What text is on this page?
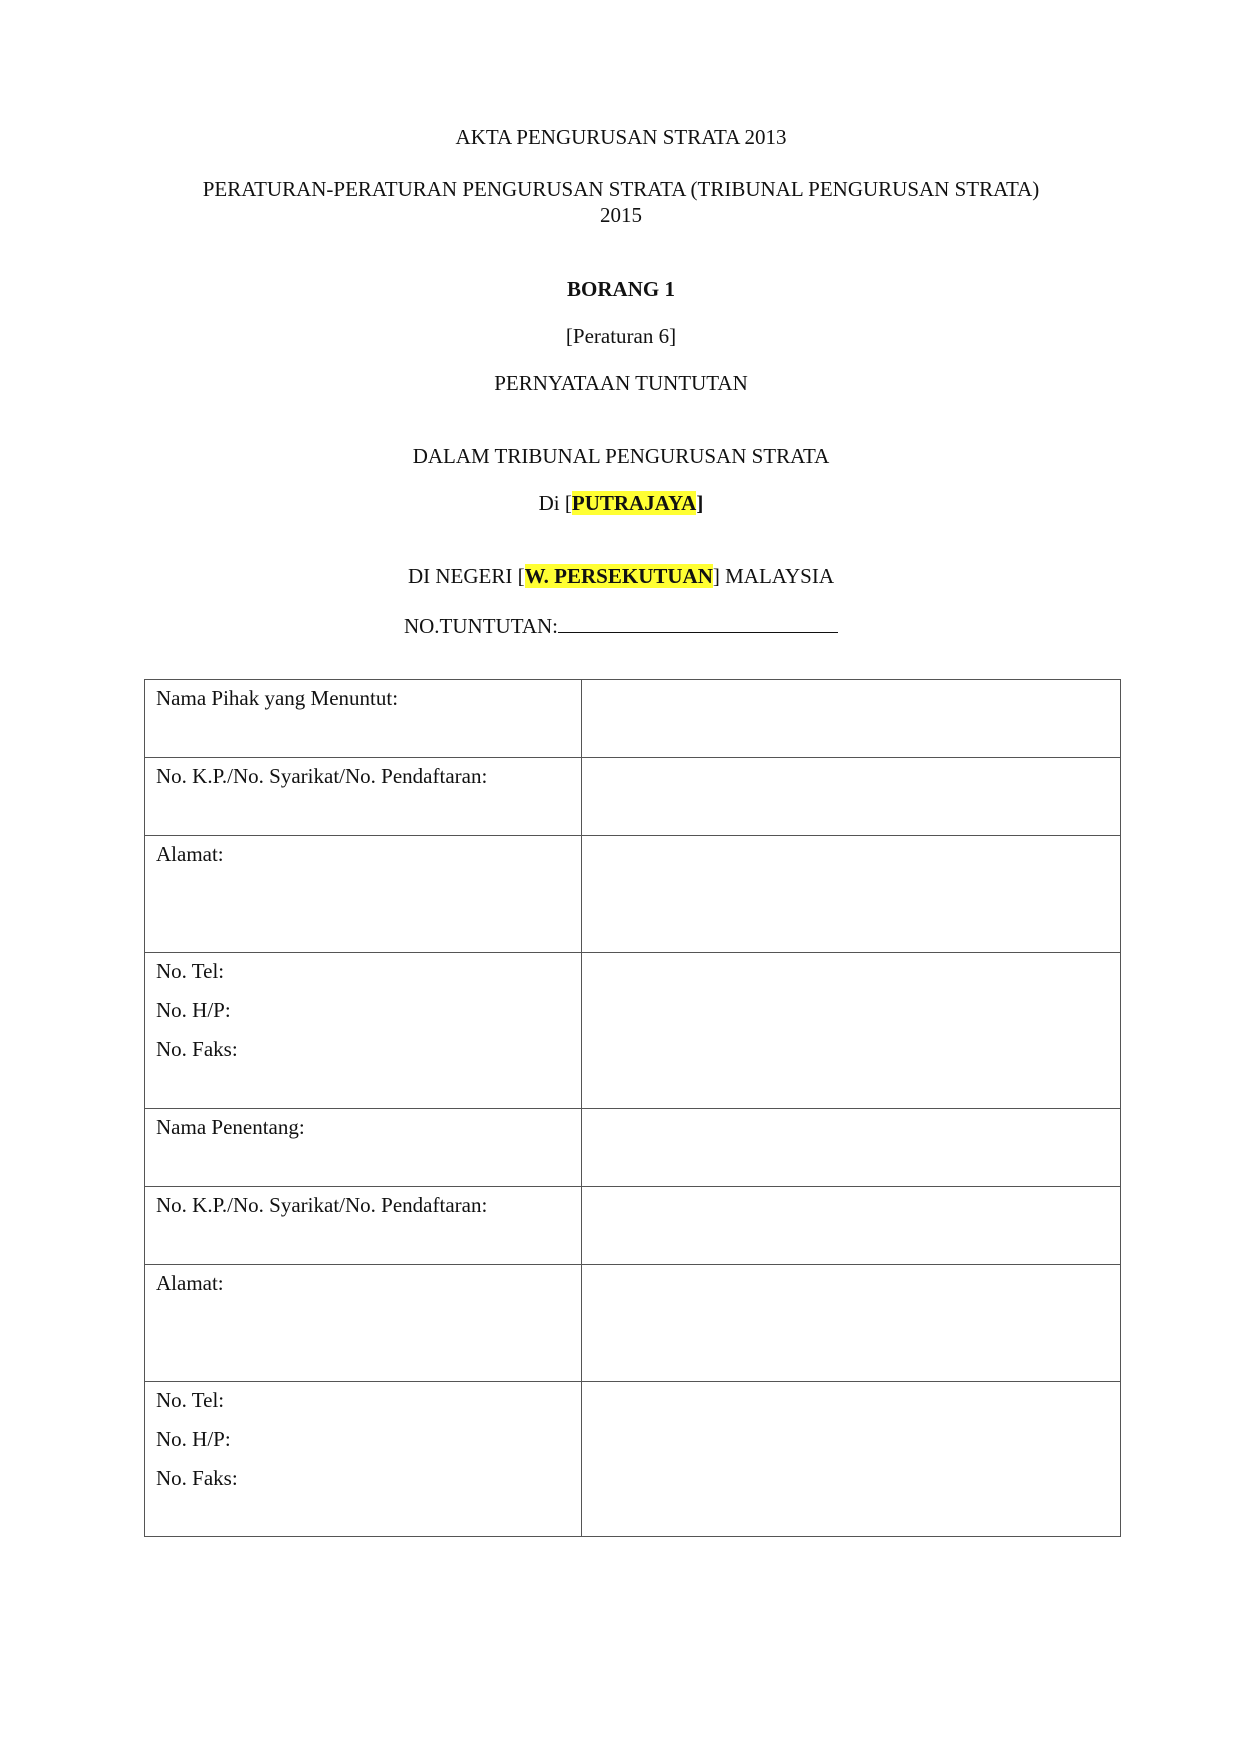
AKTA PENGURUSAN STRATA 2013
PERATURAN-PERATURAN PENGURUSAN STRATA (TRIBUNAL PENGURUSAN STRATA)
2015
BORANG 1
[Peraturan 6]
PERNYATAAN TUNTUTAN
DALAM TRIBUNAL PENGURUSAN STRATA
Di [PUTRAJAYA]
DI NEGERI [W. PERSEKUTUAN] MALAYSIA
NO.TUNTUTAN:
Nama Pihak yang Menuntut:	

No. K.P./No. Syarikat/No. Pendaftaran:	

Alamat:	

No. Tel:
No. H/P:
No. Faks:	

Nama Penentang:	

No. K.P./No. Syarikat/No. Pendaftaran:	

Alamat:	

No. Tel:
No. H/P:
No. Faks:	
